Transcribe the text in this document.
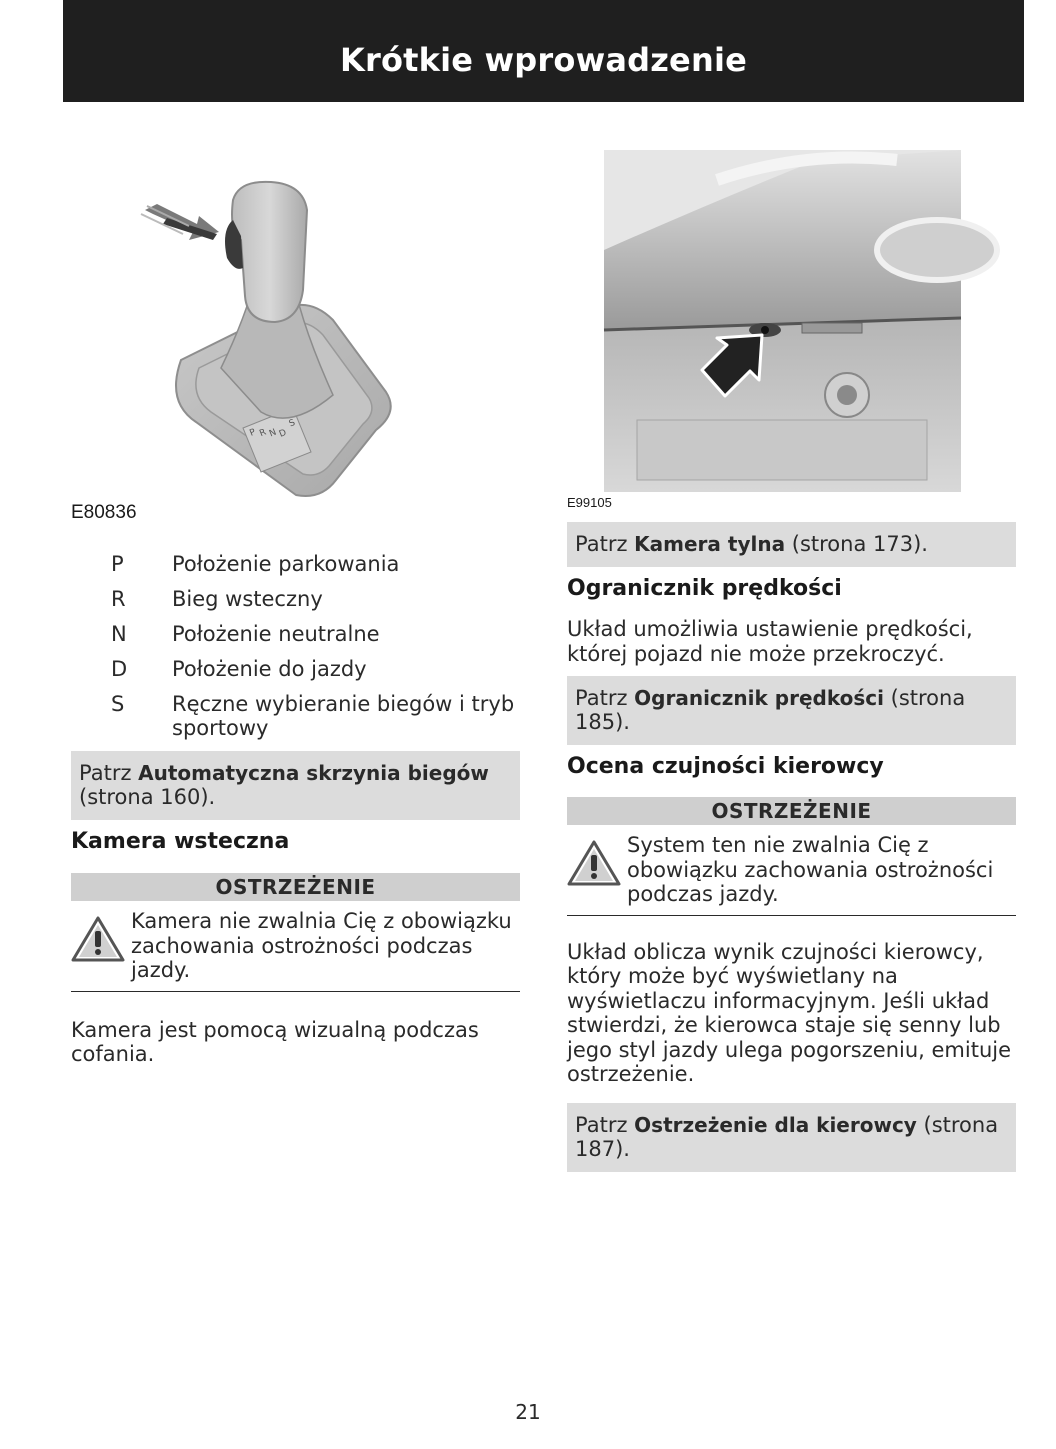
Krótkie wprowadzenie
P R N D
S
E80836
P	Położenie parkowania
R	Bieg wsteczny
N	Położenie neutralne
D	Położenie do jazdy
S	Ręczne wybieranie biegów i tryb sportowy
Patrz Automatyczna skrzynia biegów (strona 160).
Kamera wsteczna
OSTRZEŻENIE
Kamera nie zwalnia Cię z obowiązku zachowania ostrożności podczas jazdy.

Kamera jest pomocą wizualną podczas cofania.

E99105
Patrz Kamera tylna (strona 173).
Ogranicznik prędkości

Układ umożliwia ustawienie prędkości, której pojazd nie może przekroczyć.

Patrz Ogranicznik prędkości (strona 185).
Ocena czujności kierowcy
OSTRZEŻENIE
System ten nie zwalnia Cię z obowiązku zachowania ostrożności podczas jazdy.

Układ oblicza wynik czujności kierowcy, który może być wyświetlany na wyświetlaczu informacyjnym. Jeśli układ stwierdzi, że kierowca staje się senny lub jego styl jazdy ulega pogorszeniu, emituje ostrzeżenie.

Patrz Ostrzeżenie dla kierowcy (strona 187).
21
